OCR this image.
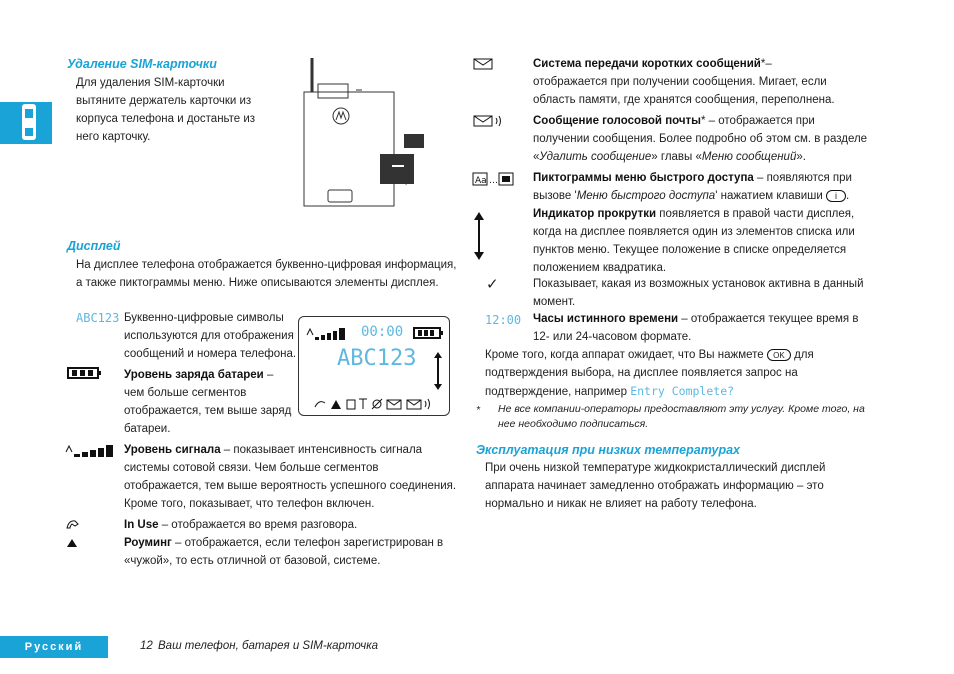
Удаление SIM-карточки
Для удаления SIM-карточки
вытяните держатель карточки из
корпуса телефона и достаньте из
него карточку.
Дисплей
На дисплее телефона отображается буквенно-цифровая информация,
а также пиктограммы меню. Ниже описываются элементы дисплея.
ABC123 Буквенно-цифровые символы
используются для отображения
сообщений и номера телефона.
Уровень заряда батареи –
чем больше сегментов
отображается, тем выше заряд
батареи.
00:00
ABC123
Уровень сигнала – показывает интенсивность сигнала
системы сотовой связи. Чем больше сегментов
отображается, тем выше вероятность успешного соединения.
Кроме того, показывает, что телефон включен.
In Use – отображается во время разговора.
Роуминг – отображается, если телефон зарегистрирован в
«чужой», то есть отличной от базовой, системе.
Система передачи коротких сообщений*–
отображается при получении сообщения. Мигает, если
область памяти, где хранятся сообщения, переполнена.
Сообщение голосовой почты* – отображается при
получении сообщения. Более подробно об этом см. в разделе
«Удалить сообщение» главы «Меню сообщений».
Aa …	Пиктограммы меню быстрого доступа – появляются при
вызове 'Меню быстрого доступа' нажатием клавиши i .
Индикатор прокрутки появляется в правой части дисплея,
когда на дисплее появляется один из элементов списка или
пунктов меню. Текущее положение в списке определяется
положением квадратика.
✓	Показывает, какая из возможных установок активна в данный
момент.
12:00 Часы истинного времени – отображается текущее время в
12- или 24-часовом формате.
Кроме того, когда аппарат ожидает, что Вы нажмете OK для
подтверждения выбора, на дисплее появляется запрос на
подтверждение, например Entry Complete?
* Не все компании-операторы предоставляют эту услугу. Кроме того, на
нее необходимо подписаться.
Эксплуатация при низких температурах
При очень низкой температуре жидкокристаллический дисплей
аппарата начинает замедленно отображать информацию – это
нормально и никак не влияет на работу телефона.
Русский	12 Ваш телефон, батарея и SIM-карточка
